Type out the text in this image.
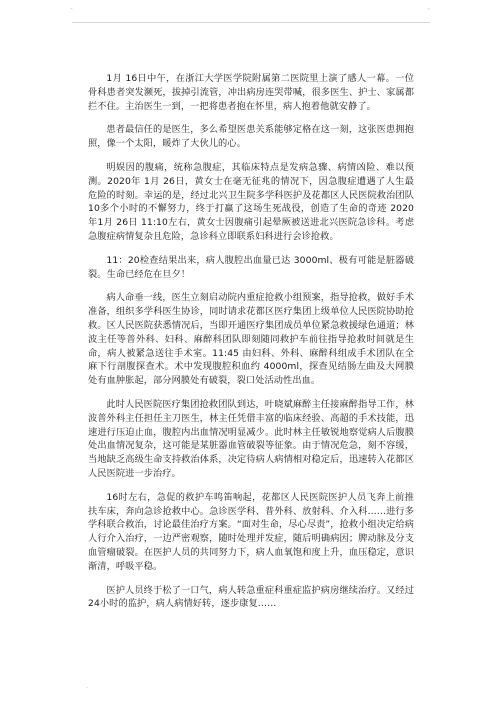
-	-

1月 16日中午，在浙江大学医学院附属第二医院里上演了感人一幕。一位骨科患者突发濒死，拔掉引流管，冲出病房连哭带喊，很多医生、护士、家属都拦不住。主治医生一到，一把将患者抱在怀里，病人抱着他就安静了。

患者最信任的是医生，多么希望医患关系能够定格在这一刻，这张医患拥抱照，像一个太阳，暖炸了大伙儿的心。

明娱因的腹痛，统称急腹症，其临床特点是发病急骤、病情凶险、难以预测。2020年 1月 26日，黄女士在毫无征兆的情况下，因急腹症遭遇了人生最危险的时刻。幸运的是，经过北兴卫生院多学科医护及花都区人民医院救治团队 10多个小时的不懈努力，终于打赢了这场生死战役，创造了生命的奇迹 2020年1月 26日 11:10左右，黄女士因腹痛引起晕厥被送进北兴医院急诊科。考虑急腹症病情复杂且危险，急诊科立即联系妇科进行会诊抢救。

11：20检查结果出来，病人腹腔出血量已达 3000ml、极有可能是脏器破裂。生命已经危在旦夕！

病人命垂一线，医生立刻启动院内重症抢救小组预案，指导抢救，做好手术准备，组织多学科医生协诊，同时请求花都区医疗集团上级单位人民医院协助抢救。区人民医院获悉情况后，当即开通医疗集团成员单位紧急救援绿色通道；林波主任等普外科、妇科、麻醉科团队即刻随同救护车前往指导抢救时间就是生命，病人被紧急送往手术室。11:45 由妇科、外科、麻醉科组成手术团队在全麻下行剖腹探查术。术中发现腹腔积血约 4000ml，探查见结肠左曲及大网膜处有血肿胀起，部分网膜处有破裂，裂口处活动性出血。

此时人民医院医疗集团抢救团队到达，叶晓斌麻醉主任接麻醉指导工作，林波普外科主任担任主刀医生，林主任凭借丰富的临床经验、高超的手术技能，迅速进行压迫止血，腹腔内出血情况明显减少。此时林主任敏锐地察觉病人后腹膜处出血情况复杂，这可能是某脏器血管破裂等征象。由于情况危急，刻不容缓，当地缺乏高级生命支持救治体系，决定待病人病情相对稳定后，迅速转入花都区人民医院进一步治疗。

16时左右，急促的救护车鸣笛响起，花都区人民医院医护人员飞奔上前推扶车床，奔向急诊抢救中心。急诊医学科、普外科、放射科、介入科……进行多学科联合救治，讨论最佳治疗方案。“面对生命，尽心尽责”，抢救小组决定给病人行介入治疗，一边严密观察，随时处理并发症，随后明确病因；脾动脉及分支血管瘤破裂。在医护人员的共同努力下，病人血氧饱和度上升，血压稳定，意识渐清，呼吸平稳。

医护人员终于松了一口气，病人转急重症科重症监护病房继续治疗。又经过24小时的监护，病人病情好转，逐步康复……

.
